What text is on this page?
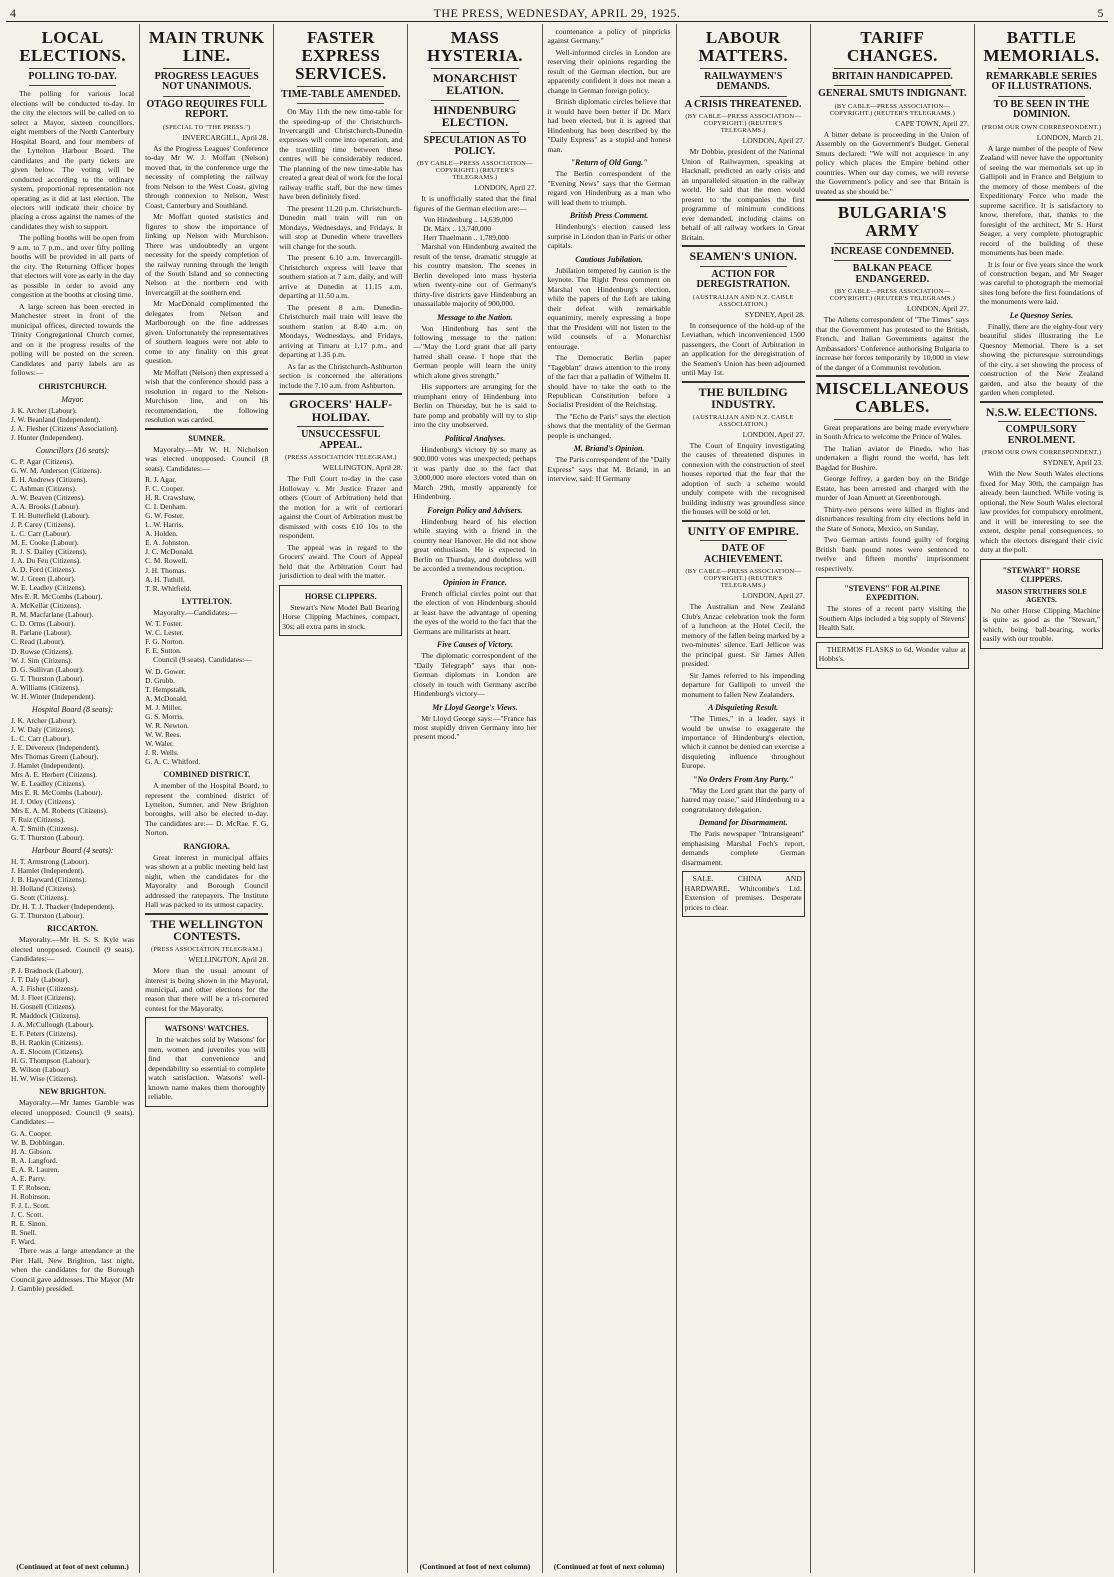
4	THE PRESS, WEDNESDAY, APRIL 29, 1925.	5
LOCAL ELECTIONS.
POLLING TO-DAY.

The polling for various local elections will be conducted to-day. In the city the electors will be called on to select a Mayor, sixteen councillors, eight members of the North Canterbury Hospital Board, and four members of the Lyttelton Harbour Board. The candidates and the party tickets are given below. The voting will be conducted according to the ordinary system, proportional representation not operating as it did at last election. The electors will indicate their choice by placing a cross against the names of the candidates they wish to support.

The polling booths will be open from 9 a.m. to 7 p.m., and over fifty polling booths will be provided in all parts of the city. The Returning Officer hopes that electors will vote as early in the day as possible in order to avoid any congestion at the booths at closing time.

A large screen has been erected in Manchester street in front of the municipal offices, directed towards the Trinity Congregational Church corner, and on it the progress results of the polling will be posted on the screen. Candidates and party labels are as follows:—

CHRISTCHURCH.
Mayor.
J. K. Archer (Labour).
J. W. Beanland (Independent).
J. A. Flesher (Citizens' Association).
J. Hunter (Independent).
Councillors (16 seats):
C. P. Agar (Citizens).
G. W. M. Anderson (Citizens).
E. H. Andrews (Citizens).
C. Ashman (Citizens).
A. W. Beaven (Citizens).
A. A. Brooks (Labour).
T. H. Butterfield (Labour).
J. P. Carey (Citizens).
L. C. Carr (Labour).
M. E. Cooke (Labour).
R. J. S. Dailey (Citizens).
J. A. Du Feu (Citizens).
A. D. Ford (Citizens).
W. J. Green (Labour).
W. E. Leadley (Citizens).
Mrs E. R. McCombs (Labour).
A. McKellar (Citizens).
R. M. Macfarlane (Labour).
C. D. Orms (Labour).
R. Parlane (Labour).
C. Read (Labour).
D. Rowse (Citizens).
W. J. Sim (Citizens).
D. G. Sullivan (Labour).
G. T. Thurston (Labour).
A. Williams (Citizens).
W. H. Winter (Independent).
Hospital Board (8 seats):
J. K. Archer (Labour).
J. W. Daly (Citizens).
L. C. Carr (Labour).
J. E. Devereux (Independent).
Mrs Thomas Green (Labour).
J. Hamlet (Independent).
Mrs A. E. Herbert (Citizens).
W. E. Leadley (Citizens).
Mrs E. R. McCombs (Labour).
H. J. Otley (Citizens).
Mrs E. A. M. Roberts (Citizens).
F. Ruiz (Citizens).
A. T. Smith (Citizens).
G. T. Thurston (Labour).
Harbour Board (4 seats):
H. T. Armstrong (Labour).
J. Hamlet (Independent).
J. B. Hayward (Citizens).
H. Holland (Citizens).
G. Scott (Citizens).
Dr. H. T. J. Thacker (Independent).
G. T. Thurston (Labour).
RICCARTON.

Mayoralty.—Mr H. S. S. Kyle was elected unopposed. Council (9 seats). Candidates:—

P. J. Bradnock (Labour).
J. T. Daly (Labour).
A. J. Fisher (Citizens).
M. J. Fleet (Citizens).
H. Gosnell (Citizens).
R. Maddock (Citizens).
J. A. McCullough (Labour).
E. F. Peters (Citizens).
B. H. Rankin (Citizens).
A. E. Slocom (Citizens).
H. G. Thompson (Labour).
B. Wilson (Labour).
H. W. Wise (Citizens).
NEW BRIGHTON.

Mayoralty.—Mr James Gamble was elected unopposed. Council (9 seats). Candidates:—

G. A. Cooper.
W. B. Dobbingan.
H. A. Gibson.
R. A. Langford.
E. A. R. Lauren.
A. E. Parry.
T. F. Robson.
H. Robinson.
F. J. L. Scott.
J. C. Scott.
R. E. Sinon.
R. Snell.
F. Ward.

There was a large attendance at the Pier Hall, New Brighton, last night, when the candidates for the Borough Council gave addresses. The Mayor (Mr J. Gamble) presided.

(Continued at foot of next column.)
MAIN TRUNK LINE.
PROGRESS LEAGUES NOT UNANIMOUS.
OTAGO REQUIRES FULL REPORT.
(SPECIAL TO "THE PRESS.")
INVERCARGILL, April 28.

As the Progress Leagues' Conference to-day Mr W. J. Moffatt (Nelson) moved that, in the conference urge the necessity of completing the railway from Nelson to the West Coast, giving through connexion to Nelson, West Coast, Canterbury and Southland.

Mr Moffatt quoted statistics and figures to show the importance of linking up Nelson with Murchison. There was undoubtedly an urgent necessity for the speedy completion of the railway running through the length of the South Island and so connecting Nelson at the northern end with Invercargill at the southern end.

Mr MacDonald complimented the delegates from Nelson and Marlborough on the fine addresses given. Unfortunately the representatives of southern leagues were not able to come to any finality on this great question.

Mr Moffatt (Nelson) then expressed a wish that the conference should pass a resolution in regard to the Nelson-Murchison line, and on his recommendation, the following resolution was carried.

SUMNER.

Mayoralty.—Mr W. H. Nicholson was elected unopposed. Council (8 seats). Candidates:—

R. J. Agar.
F. C. Cooper.
H. R. Crawshaw.
C. I. Denham.
G. W. Foster.
L. W. Harris.
A. Holden.
E. A. Johnston.
J. C. McDonald.
C. M. Rowell.
J. H. Thomas.
A. H. Tuthill.
T. R. Whitfield.
LYTTELTON.

Mayoralty.—Candidates:—

W. T. Foster.
W. C. Lester.
F. G. Norton.
F. E. Sutton.

Council (9 seats). Candidates:—

W. D. Gower.
D. Grubb.
T. Hempstalk.
A. McDonald.
M. J. Miller.
G. S. Morris.
W. R. Newton.
W. W. Rees.
W. Waler.
J. R. Wells.
G. A. C. Whitford.
COMBINED DISTRICT.

A member of the Hospital Board, to represent the combined district of Lyttelton, Sumner, and New Brighton boroughs, will also be elected to-day. The candidates are:— D. McRae. F. G. Norton.

RANGIORA.

Great interest in municipal affairs was shown at a public meeting held last night, when the candidates for the Mayoralty and Borough Council addressed the ratepayers. The Institute Hall was packed to its utmost capacity.

THE WELLINGTON CONTESTS.
(PRESS ASSOCIATION TELEGRAM.)
WELLINGTON, April 28.

More than the usual amount of interest is being shown in the Mayoral, municipal, and other elections for the reason that there will be a tri-cornered contest for the Mayoralty.

WATSONS' WATCHES.

In the watches sold by Watsons' for men, women and juveniles you will find that convenience and dependability so essential to complete watch satisfaction. Watsons' well-known name makes them thoroughly reliable.

FASTER EXPRESS SERVICES.
TIME-TABLE AMENDED.

On May 11th the new time-table for the speeding-up of the Christchurch-Invercargill and Christchurch-Dunedin expresses will come into operation, and the travelling time between these centres will be considerably reduced. The planning of the new time-table has created a great deal of work for the local railway traffic staff, but the new times have been definitely fixed.

The present 11.20 p.m. Christchurch-Dunedin mail train will run on Mondays, Wednesdays, and Fridays. It will stop at Dunedin where travellers will change for the south.

The present 6.10 a.m. Invercargill-Christchurch express will leave that southern station at 7 a.m. daily, and will arrive at Dunedin at 11.15 a.m. departing at 11.50 a.m.

The present 8 a.m. Dunedin-Christchurch mail train will leave the southern station at 8.40 a.m. on Mondays, Wednesdays, and Fridays, arriving at Timaru at 1.17 p.m., and departing at 1.35 p.m.

As far as the Christchurch-Ashburton section is concerned the alterations include the 7.10 a.m. from Ashburton.

GROCERS' HALF-HOLIDAY.
UNSUCCESSFUL APPEAL.
(PRESS ASSOCIATION TELEGRAM.)
WELLINGTON, April 28.

The Full Court to-day in the case Holloway v. Mr Justice Frazer and others (Court of Arbitration) held that the motion for a writ of certiorari against the Court of Arbitration must be dismissed with costs £10 10s to the respondent.

The appeal was in regard to the Grocers' award. The Court of Appeal held that the Arbitration Court had jurisdiction to deal with the matter.

HORSE CLIPPERS.

Stewart's New Model Ball Bearing Horse Clipping Machines, compact, 30s; all extra parts in stock.

MASS HYSTERIA.
MONARCHIST ELATION.
HINDENBURG ELECTION.
SPECULATION AS TO POLICY.
(BY CABLE—PRESS ASSOCIATION—COPYRIGHT.) (REUTER'S TELEGRAMS.)
LONDON, April 27.

It is unofficially stated that the final figures of the German election are:—

Von Hindenburg .. 14,639,000
Dr. Marx .. 13,740,000
Herr Thaelmann .. 1,789,000

Marshal von Hindenburg awaited the result of the tense, dramatic struggle at his country mansion. The scenes in Berlin developed into mass hysteria when twenty-nine out of Germany's thirty-five districts gave Hindenburg an unassailable majority of 900,000.

Message to the Nation.

Von Hindenburg has sent the following message to the nation:—"May the Lord grant that all party hatred shall cease. I hope that the German people will learn the unity which alone gives strength."

His supporters are arranging for the triumphant entry of Hindenburg into Berlin on Thursday, but he is said to hate pomp and probably will try to slip into the city unobserved.

Political Analyses.

Hindenburg's victory by so many as 900,000 votes was unexpected; perhaps it was partly due to the fact that 3,000,000 more electors voted than on March 29th, mostly apparently for Hindenburg.

Foreign Policy and Advisers.

Hindenburg heard of his election while staying with a friend in the country near Hanover. He did not show great enthusiasm. He is expected in Berlin on Thursday, and doubtless will be accorded a tremendous reception.

Opinion in France.

French official circles point out that the election of von Hindenburg should at least have the advantage of opening the eyes of the world to the fact that the Germans are militarists at heart.

Five Causes of Victory.

The diplomatic correspondent of the "Daily Telegraph" says that non-German diplomats in London are closely in touch with Germany ascribe Hindenburg's victory—

Mr Lloyd George's Views.

Mr Lloyd George says:—"France has most stupidly driven Germany into her present mood."

(Continued at foot of next column)

countenance a policy of pinpricks against Germany."

Well-informed circles in London are reserving their opinions regarding the result of the German election, but are apparently confident it does not mean a change in German foreign policy.

British diplomatic circles believe that it would have been better if Dr. Marx had been elected, but it is agreed that Hindenburg has been described by the "Daily Express" as a stupid and honest man.

"Return of Old Gang."

The Berlin correspondent of the "Evening News" says that the German regard von Hindenburg as a man who will lead them to triumph.

British Press Comment.

Hindenburg's election caused less surprise in London than in Paris or other capitals.

Cautious Jubilation.

Jubilation tempered by caution is the keynote. The Right Press comment on Marshal von Hindenburg's election, while the papers of the Left are taking their defeat with remarkable equanimity, merely expressing a hope that the President will not listen to the wild counsels of a Monarchist entourage.

The Democratic Berlin paper "Tageblatt" draws attention to the irony of the fact that a palladin of Wilhelm II. should have to take the oath to the Republican Constitution before a Socialist President of the Reichstag.

The "Echo de Paris" says the election shows that the mentality of the German people is unchanged.

M. Briand's Opinion.

The Paris correspondent of the "Daily Express" says that M. Briand, in an interview, said: If Germany

(Continued at foot of next column)
LABOUR MATTERS.
RAILWAYMEN'S DEMANDS.
A CRISIS THREATENED.
(BY CABLE—PRESS ASSOCIATION—COPYRIGHT.) (REUTER'S TELEGRAMS.)
LONDON, April 27.

Mr Dobbie, president of the National Union of Railwaymen, speaking at Hacknall, predicted an early crisis and an unparalleled situation in the railway world. He said that the men would present to the companies the first programme of minimum conditions ever demanded, including claims on behalf of all railway workers in Great Britain.

SEAMEN'S UNION.
ACTION FOR DEREGISTRATION.
(AUSTRALIAN AND N.Z. CABLE ASSOCIATION.)
SYDNEY, April 28.

In consequence of the hold-up of the Leviathan, which inconvenienced 1500 passengers, the Court of Arbitration in an application for the deregistration of the Seamen's Union has been adjourned until May 1st.

THE BUILDING INDUSTRY.
(AUSTRALIAN AND N.Z. CABLE ASSOCIATION.)
LONDON, April 27.

The Court of Enquiry investigating the causes of threatened disputes in connexion with the construction of steel houses reported that the fear that the adoption of such a scheme would unduly compete with the recognised building industry was groundless since the houses will be sold or let.

UNITY OF EMPIRE.
DATE OF ACHIEVEMENT.
(BY CABLE—PRESS ASSOCIATION—COPYRIGHT.) (REUTER'S TELEGRAMS.)
LONDON, April 27.

The Australian and New Zealand Club's Anzac celebration took the form of a luncheon at the Hotel Cecil, the memory of the fallen being marked by a two-minutes' silence. Earl Jellicoe was the principal guest. Sir James Allen presided.

Sir James referred to his impending departure for Gallipoli to unveil the monument to fallen New Zealanders.

A Disquieting Result.

"The Times," in a leader, says it would be unwise to exaggerate the importance of Hindenburg's election, which it cannot be denied can exercise a disquieting influence throughout Europe.

"No Orders From Any Party."

"May the Lord grant that the party of hatred may cease," said Hindenburg to a congratulatory delegation.

Demand for Disarmament.

The Paris newspaper "Intransigeant" emphasising Marshal Foch's report, demands complete German disarmament.

SALE. CHINA AND HARDWARE. Whitcombe's Ltd. Extension of premises. Desperate prices to clear.

TARIFF CHANGES.
BRITAIN HANDICAPPED.
GENERAL SMUTS INDIGNANT.
(BY CABLE—PRESS ASSOCIATION—COPYRIGHT.) (REUTER'S TELEGRAMS.)
CAPE TOWN, April 27.

A bitter debate is proceeding in the Union of Assembly on the Government's Budget. General Smuts declared: "We will not acquiesce in any policy which places the Empire behind other countries. When our day comes, we will reverse the Government's policy and see that Britain is treated as she should be."

BULGARIA'S ARMY
INCREASE CONDEMNED.
BALKAN PEACE ENDANGERED.
(BY CABLE—PRESS ASSOCIATION—COPYRIGHT.) (REUTER'S TELEGRAMS.)
LONDON, April 27.

The Athens correspondent of "The Times" says that the Government has protested to the British, French, and Italian Governments against the Ambassadors' Conference authorising Bulgaria to increase her forces temporarily by 10,000 in view of the danger of a Communist revolution.

MISCELLANEOUS CABLES.

Great preparations are being made everywhere in South Africa to welcome the Prince of Wales.

The Italian aviator de Pinedo, who has undertaken a flight round the world, has left Bagdad for Bushire.

George Jeffrey, a garden boy on the Bridge Estate, has been arrested and charged with the murder of Joan Amuett at Greenborough.

Thirty-two persons were killed in flights and disturbances resulting from city elections held in the State of Sonora, Mexico, on Sunday.

Two German artists found guilty of forging British bank pound notes were sentenced to twelve and fifteen months' imprisonment respectively.

"STEVENS" FOR ALPINE EXPEDITION.

The stores of a recent party visiting the Southern Alps included a big supply of Stevens' Health Salt.

THERMOS FLASKS to 6d. Wonder value at Hobbs's.

BATTLE MEMORIALS.
REMARKABLE SERIES OF ILLUSTRATIONS.
TO BE SEEN IN THE DOMINION.
(FROM OUR OWN CORRESPONDENT.)
LONDON, March 21.

A large number of the people of New Zealand will never have the opportunity of seeing the war memorials set up in Gallipoli and in France and Belgium to the memory of those members of the Expeditionary Force who made the supreme sacrifice. It is satisfactory to know, therefore, that, thanks to the foresight of the architect, Mr S. Hurst Seager, a very complete photographic record of the building of these monuments has been made.

It is four or five years since the work of construction began, and Mr Seager was careful to photograph the memorial sites long before the first foundations of the monuments were laid.

Le Quesnoy Series.

Finally, there are the eighty-four very beautiful slides illustrating the Le Quesnoy Memorial. There is a set showing the picturesque surroundings of the city, a set showing the process of construction of the New Zealand garden, and also the beauty of the garden when completed.

N.S.W. ELECTIONS.
COMPULSORY ENROLMENT.
(FROM OUR OWN CORRESPONDENT.)
SYDNEY, April 23.

With the New South Wales elections fixed for May 30th, the campaign has already been launched. While voting is optional, the New South Wales electoral law provides for compulsory enrolment, and it will be interesting to see the extent, despite penal consequences, to which the electors disregard their civic duty at the poll.

"STEWART" HORSE CLIPPERS.
MASON STRUTHERS SOLE AGENTS.

No other Horse Clipping Machine is quite as good as the "Stewart," which, being ball-bearing, works easily with our trouble.
